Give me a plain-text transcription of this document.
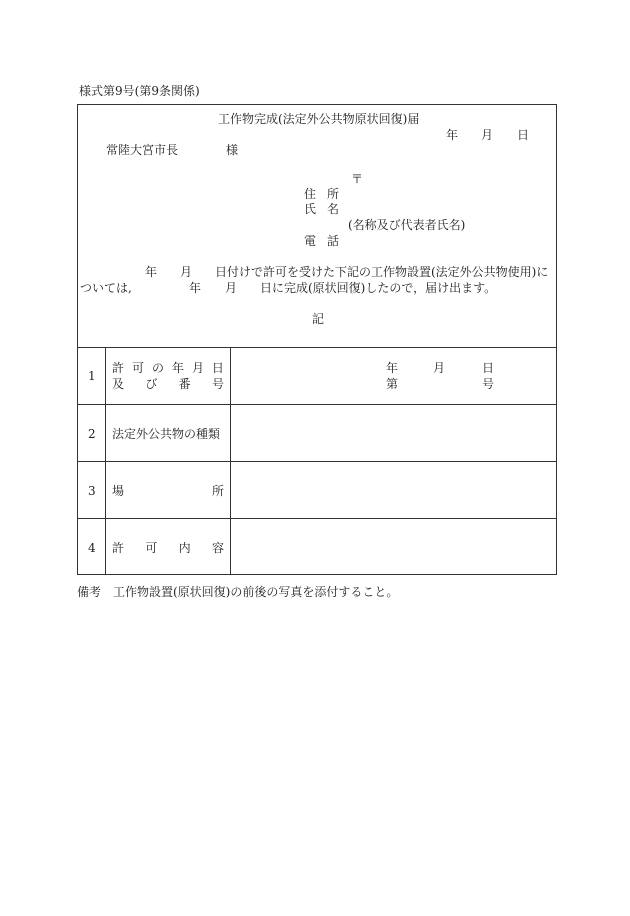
様式第9号(第9条関係)
工作物完成(法定外公共物原状回復)届
年 月 日
常陸大宮市長	様
〒
住 所
氏 名
(名称及び代表者氏名)
電 話
年 月 日付けで許可を受けた下記の工作物設置(法定外公共物使用)に
ついては,	年 月 日に完成(原状回復)したので，届け出ます。
記
1
許 可 の 年 月 日
及 び 番 号
年	月	日
第	号
2 法定外公共物の種類
3 場	所
4 許 可 内 容
備考　工作物設置(原状回復)の前後の写真を添付すること。
